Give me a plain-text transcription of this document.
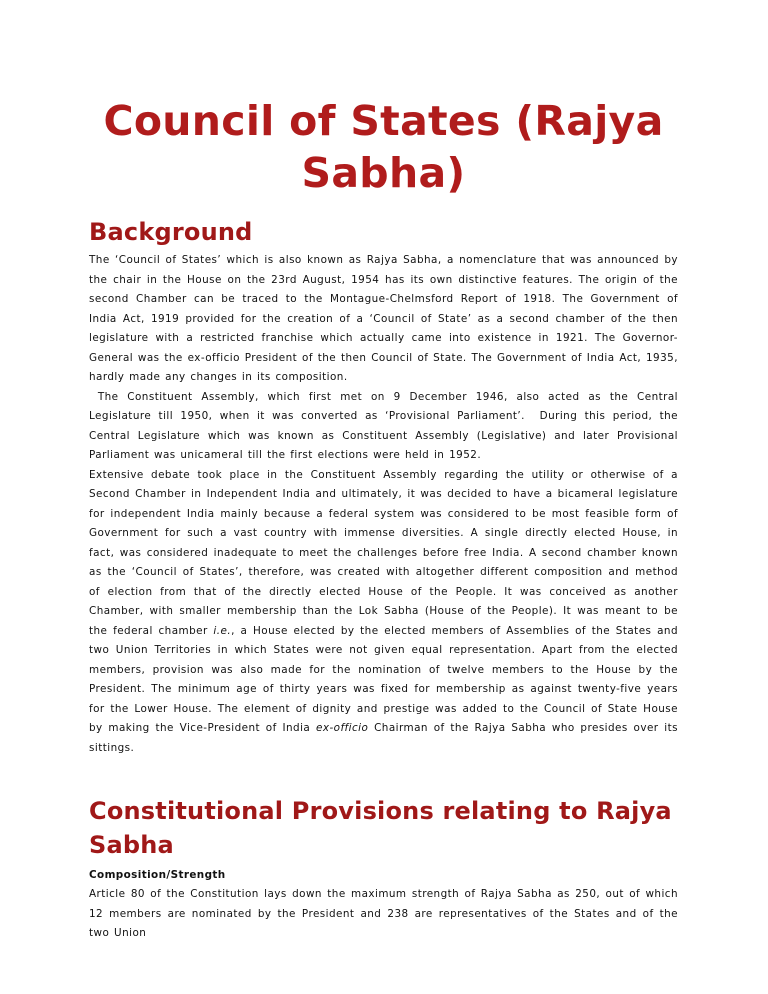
Council of States (Rajya Sabha)
Background

The ‘Council of States’ which is also known as Rajya Sabha, a nomenclature that was announced by the chair in the House on the 23rd August, 1954 has its own distinctive features. The origin of the second Chamber can be traced to the Montague-Chelmsford Report of 1918. The Government of India Act, 1919 provided for the creation of a ‘Council of State’ as a second chamber of the then legislature with a restricted franchise which actually came into existence in 1921. The Governor-General was the ex-officio President of the then Council of State. The Government of India Act, 1935, hardly made any changes in its composition.

The Constituent Assembly, which first met on 9 December 1946, also acted as the Central Legislature till 1950, when it was converted as ‘Provisional Parliament’.  During this period, the Central Legislature which was known as Constituent Assembly (Legislative) and later Provisional Parliament was unicameral till the first elections were held in 1952.

Extensive debate took place in the Constituent Assembly regarding the utility or otherwise of a Second Chamber in Independent India and ultimately, it was decided to have a bicameral legislature for independent India mainly because a federal system was considered to be most feasible form of Government for such a vast country with immense diversities. A single directly elected House, in fact, was considered inadequate to meet the challenges before free India. A second chamber known as the ‘Council of States’, therefore, was created with altogether different composition and method of election from that of the directly elected House of the People. It was conceived as another Chamber, with smaller membership than the Lok Sabha (House of the People). It was meant to be the federal chamber i.e., a House elected by the elected members of Assemblies of the States and two Union Territories in which States were not given equal representation. Apart from the elected members, provision was also made for the nomination of twelve members to the House by the President. The minimum age of thirty years was fixed for membership as against twenty-five years for the Lower House. The element of dignity and prestige was added to the Council of State House by making the Vice-President of India ex-officio Chairman of the Rajya Sabha who presides over its sittings.

Constitutional Provisions relating to Rajya Sabha
Composition/Strength

Article 80 of the Constitution lays down the maximum strength of Rajya Sabha as 250, out of which 12 members are nominated by the President and 238 are representatives of the States and of the two Union
